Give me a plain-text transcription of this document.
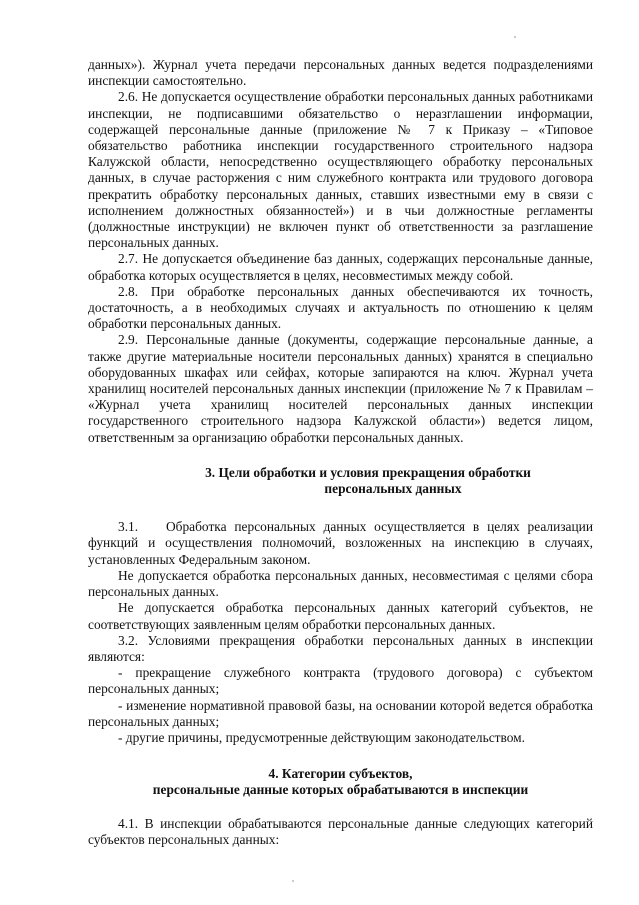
данных»). Журнал учета передачи персональных данных ведется подразделениями инспекции самостоятельно.

2.6. Не допускается осуществление обработки персональных данных работниками инспекции, не подписавшими обязательство о неразглашении информации, содержащей персональные данные (приложение № 7 к Приказу – «Типовое обязательство работника инспекции государственного строительного надзора Калужской области, непосредственно осуществляющего обработку персональных данных, в случае расторжения с ним служебного контракта или трудового договора прекратить обработку персональных данных, ставших известными ему в связи с исполнением должностных обязанностей») и в чьи должностные регламенты (должностные инструкции) не включен пункт об ответственности за разглашение персональных данных.

2.7. Не допускается объединение баз данных, содержащих персональные данные, обработка которых осуществляется в целях, несовместимых между собой.

2.8. При обработке персональных данных обеспечиваются их точность, достаточность, а в необходимых случаях и актуальность по отношению к целям обработки персональных данных.

2.9. Персональные данные (документы, содержащие персональные данные, а также другие материальные носители персональных данных) хранятся в специально оборудованных шкафах или сейфах, которые запираются на ключ. Журнал учета хранилищ носителей персональных данных инспекции (приложение № 7 к Правилам – «Журнал учета хранилищ носителей персональных данных инспекции государственного строительного надзора Калужской области») ведется лицом, ответственным за организацию обработки персональных данных.

3. Цели обработки и условия прекращения обработки
персональных данных

3.1. Обработка персональных данных осуществляется в целях реализации функций и осуществления полномочий, возложенных на инспекцию в случаях, установленных Федеральным законом.

Не допускается обработка персональных данных, несовместимая с целями сбора персональных данных.

Не допускается обработка персональных данных категорий субъектов, не соответствующих заявленным целям обработки персональных данных.

3.2. Условиями прекращения обработки персональных данных в инспекции являются:

- прекращение служебного контракта (трудового договора) с субъектом персональных данных;

- изменение нормативной правовой базы, на основании которой ведется обработка персональных данных;

- другие причины, предусмотренные действующим законодательством.

4. Категории субъектов,
персональные данные которых обрабатываются в инспекции

4.1. В инспекции обрабатываются персональные данные следующих категорий субъектов персональных данных:
